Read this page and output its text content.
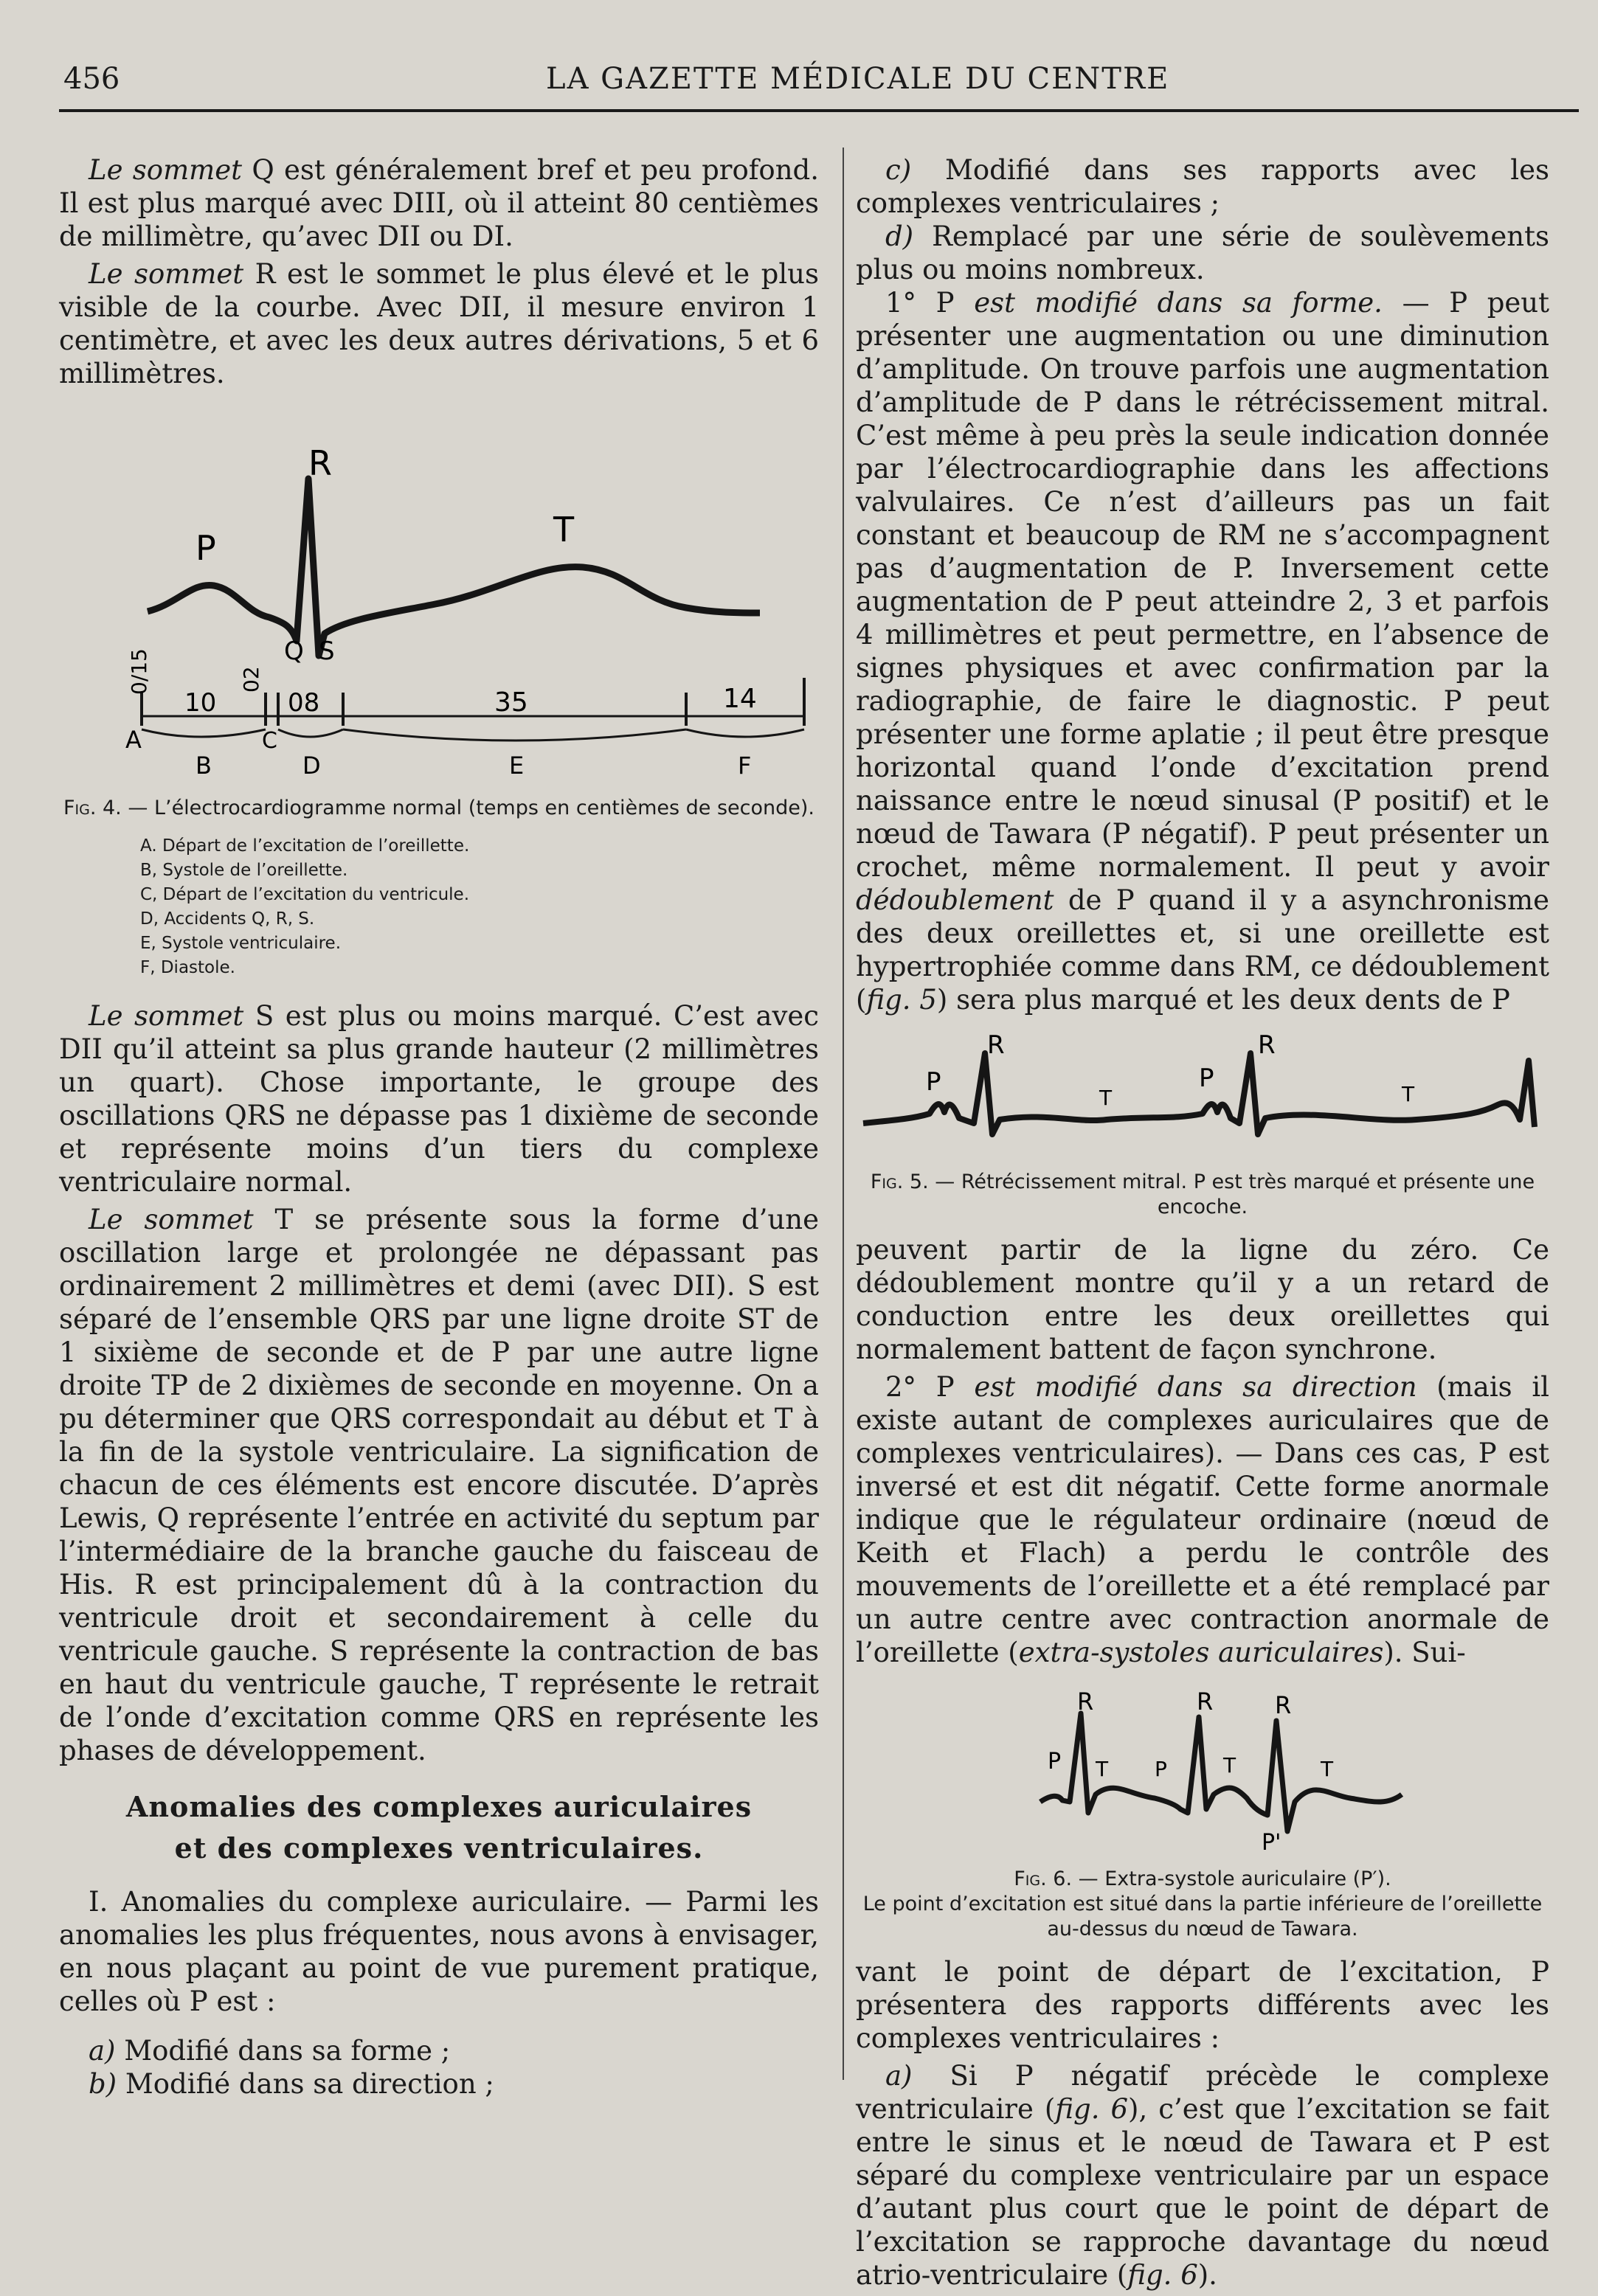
456	LA GAZETTE MÉDICALE DU CENTRE

Le sommet Q est généralement bref et peu profond. Il est plus marqué avec DIII, où il atteint 80 centièmes de millimètre, qu’avec DII ou DI.

Le sommet R est le sommet le plus élevé et le plus visible de la courbe. Avec DII, il mesure environ 1 centimètre, et avec les deux autres dérivations, 5 et 6 millimètres.

P
R
T
Q S
0/15
10
02
08	35	14
A
B
C
D	E	F
Fig. 4. — L’électrocardiogramme normal (temps en centièmes de seconde).
A. Départ de l’excitation de l’oreillette.
B, Systole de l’oreillette.
C, Départ de l’excitation du ventricule.
D, Accidents Q, R, S.
E, Systole ventriculaire.
F, Diastole.

Le sommet S est plus ou moins marqué. C’est avec DII qu’il atteint sa plus grande hauteur (2 millimètres un quart). Chose importante, le groupe des oscillations QRS ne dépasse pas 1 dixième de seconde et représente moins d’un tiers du complexe ventriculaire normal.

Le sommet T se présente sous la forme d’une oscillation large et prolongée ne dépassant pas ordinairement 2 millimètres et demi (avec DII). S est séparé de l’ensemble QRS par une ligne droite ST de 1 sixième de seconde et de P par une autre ligne droite TP de 2 dixièmes de seconde en moyenne. On a pu déterminer que QRS correspondait au début et T à la fin de la systole ventriculaire. La signification de chacun de ces éléments est encore discutée. D’après Lewis, Q représente l’entrée en activité du septum par l’intermédiaire de la branche gauche du faisceau de His. R est principalement dû à la contraction du ventricule droit et secondairement à celle du ventricule gauche. S représente la contraction de bas en haut du ventricule gauche, T représente le retrait de l’onde d’excitation comme QRS en représente les phases de développement.

Anomalies des complexes auriculaires
et des complexes ventriculaires.

I. Anomalies du complexe auriculaire. — Parmi les anomalies les plus fréquentes, nous avons à envisager, en nous plaçant au point de vue purement pratique, celles où P est :

a) Modifié dans sa forme ;

b) Modifié dans sa direction ;

c) Modifié dans ses rapports avec les complexes ventriculaires ;

d) Remplacé par une série de soulèvements plus ou moins nombreux.

1° P est modifié dans sa forme. — P peut présenter une augmentation ou une diminution d’amplitude. On trouve parfois une augmentation d’amplitude de P dans le rétrécissement mitral. C’est même à peu près la seule indication donnée par l’électrocardiographie dans les affections valvulaires. Ce n’est d’ailleurs pas un fait constant et beaucoup de RM ne s’accompagnent pas d’augmentation de P. Inversement cette augmentation de P peut atteindre 2, 3 et parfois 4 millimètres et peut permettre, en l’absence de signes physiques et avec confirmation par la radiographie, de faire le diagnostic. P peut présenter une forme aplatie ; il peut être presque horizontal quand l’onde d’excitation prend naissance entre le nœud sinusal (P positif) et le nœud de Tawara (P négatif). P peut présenter un crochet, même normalement. Il peut y avoir dédoublement de P quand il y a asynchronisme des deux oreillettes et, si une oreillette est hypertrophiée comme dans RM, ce dédoublement (fig. 5) sera plus marqué et les deux dents de P

P
R
T
P
R
T
Fig. 5. — Rétrécissement mitral. P est très marqué et présente une encoche.

peuvent partir de la ligne du zéro. Ce dédoublement montre qu’il y a un retard de conduction entre les deux oreillettes qui normalement battent de façon synchrone.

2° P est modifié dans sa direction (mais il existe autant de complexes auriculaires que de complexes ventriculaires). — Dans ces cas, P est inversé et est dit négatif. Cette forme anormale indique que le régulateur ordinaire (nœud de Keith et Flach) a perdu le contrôle des mouvements de l’oreillette et a été remplacé par un autre centre avec contraction anormale de l’oreillette (extra-systoles auriculaires). Sui-

P
R
T P
R
T
R
T
P'
Fig. 6. — Extra-systole auriculaire (P′).
Le point d’excitation est situé dans la partie inférieure de l’oreillette au-dessus du nœud de Tawara.

vant le point de départ de l’excitation, P présentera des rapports différents avec les complexes ventriculaires :

a) Si P négatif précède le complexe ventriculaire (fig. 6), c’est que l’excitation se fait entre le sinus et le nœud de Tawara et P est séparé du complexe ventriculaire par un espace d’autant plus court que le point de départ de l’excitation se rapproche davantage du nœud atrio-ventriculaire (fig. 6).
